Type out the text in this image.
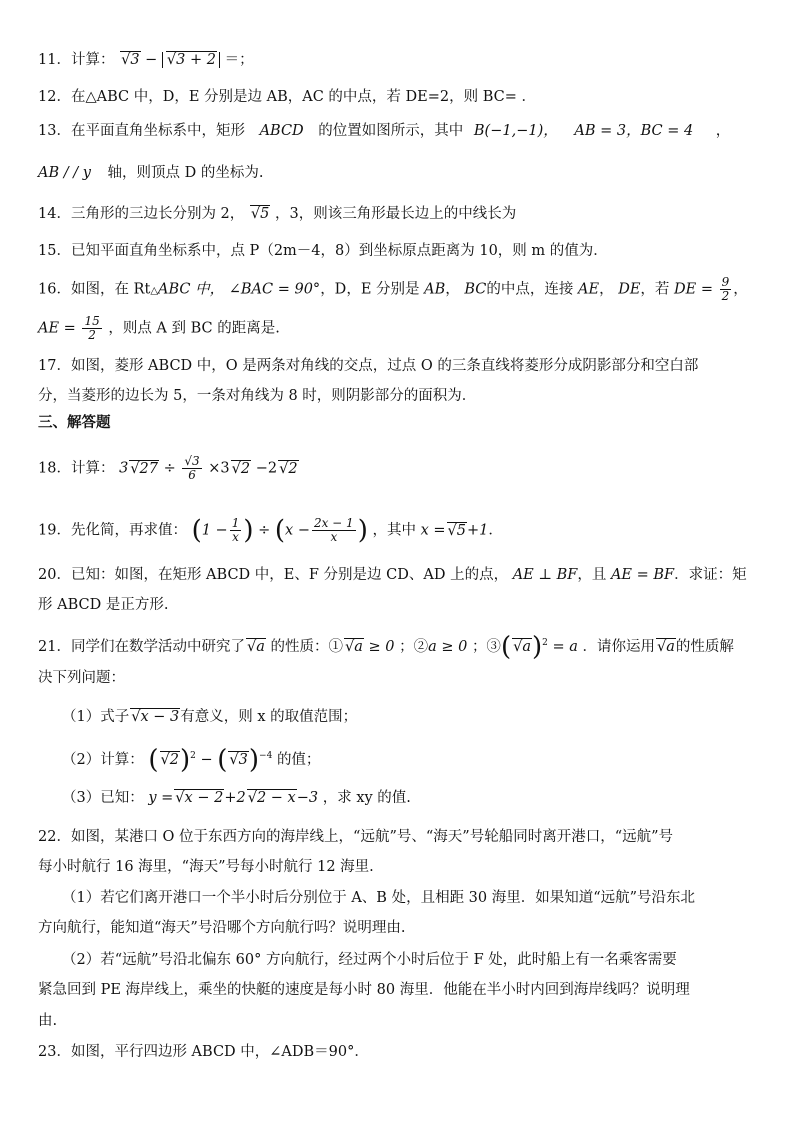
11．计算： √ 3 − √ 3 + 2 ＝；
12．在△ABC 中，D，E 分别是边 AB，AC 的中点，若 DE=2，则 BC= ．
13．在平面直角坐标系中，矩形 ABCD 的位置如图所示，其中 B(−1,−1)， AB = 3，BC = 4 ，
AB / / y 轴，则顶点 D 的坐标为.
14．三角形的三边长分别为 2， √ 5 ，3，则该三角形最长边上的中线长为
15．已知平面直角坐标系中，点 P（2m－4，8）到坐标原点距离为 10，则 m 的值为．
16．如图，在 Rt△ABC 中， ∠BAC = 90°，D，E 分别是 AB， BC的中点，连接 AE， DE，若 DE = $\frac{9}{2}$ ，
AE = $\frac{15}{2}$ ，则点 A 到 BC 的距离是.
17．如图，菱形 ABCD 中，O 是两条对角线的交点，过点 O 的三条直线将菱形分成阴影部分和空白部
分，当菱形的边长为 5，一条对角线为 8 时，则阴影部分的面积为．
三、解答题
18．计算： 3√ $27 \div \frac{√3}{6} \times 3√$ 2 −2√ 2
19．先化简，再求值： ($1 - \frac{1}{x}$ ) ÷ ($x - \frac{2x - 1}{x}$ ) ，其中 x =√ 5+1．
20．已知：如图，在矩形 ABCD 中，E、F 分别是边 CD、AD 上的点， AE ⊥ BF，且 AE = BF．求证：矩
形 ABCD 是正方形.
21．同学们在数学活动中研究了√ a 的性质：①√ a ≥ 0 ；②a ≥ 0 ；③(√ a)$^2$ = a ．请你运用√ a的性质解
决下列问题：
（1）式子√ x − 3有意义，则 x 的取值范围；
（2）计算： (√ 2)$^2$ − (√ 3)$^{-4}$ 的值；
（3）已知： y =√ x − 2+2√ 2 − x−3 ，求 xy 的值.
22．如图，某港口 O 位于东西方向的海岸线上，“远航”号、“海天”号轮船同时离开港口，“远航”号
每小时航行 16 海里，“海天”号每小时航行 12 海里.
（1）若它们离开港口一个半小时后分别位于 A、B 处，且相距 30 海里．如果知道“远航”号沿东北
方向航行，能知道“海天”号沿哪个方向航行吗？说明理由.
（2）若“远航”号沿北偏东 60° 方向航行，经过两个小时后位于 F 处，此时船上有一名乘客需要
紧急回到 PE 海岸线上，乘坐的快艇的速度是每小时 80 海里．他能在半小时内回到海岸线吗？说明理
由.
23．如图，平行四边形 ABCD 中，∠ADB＝90°．
